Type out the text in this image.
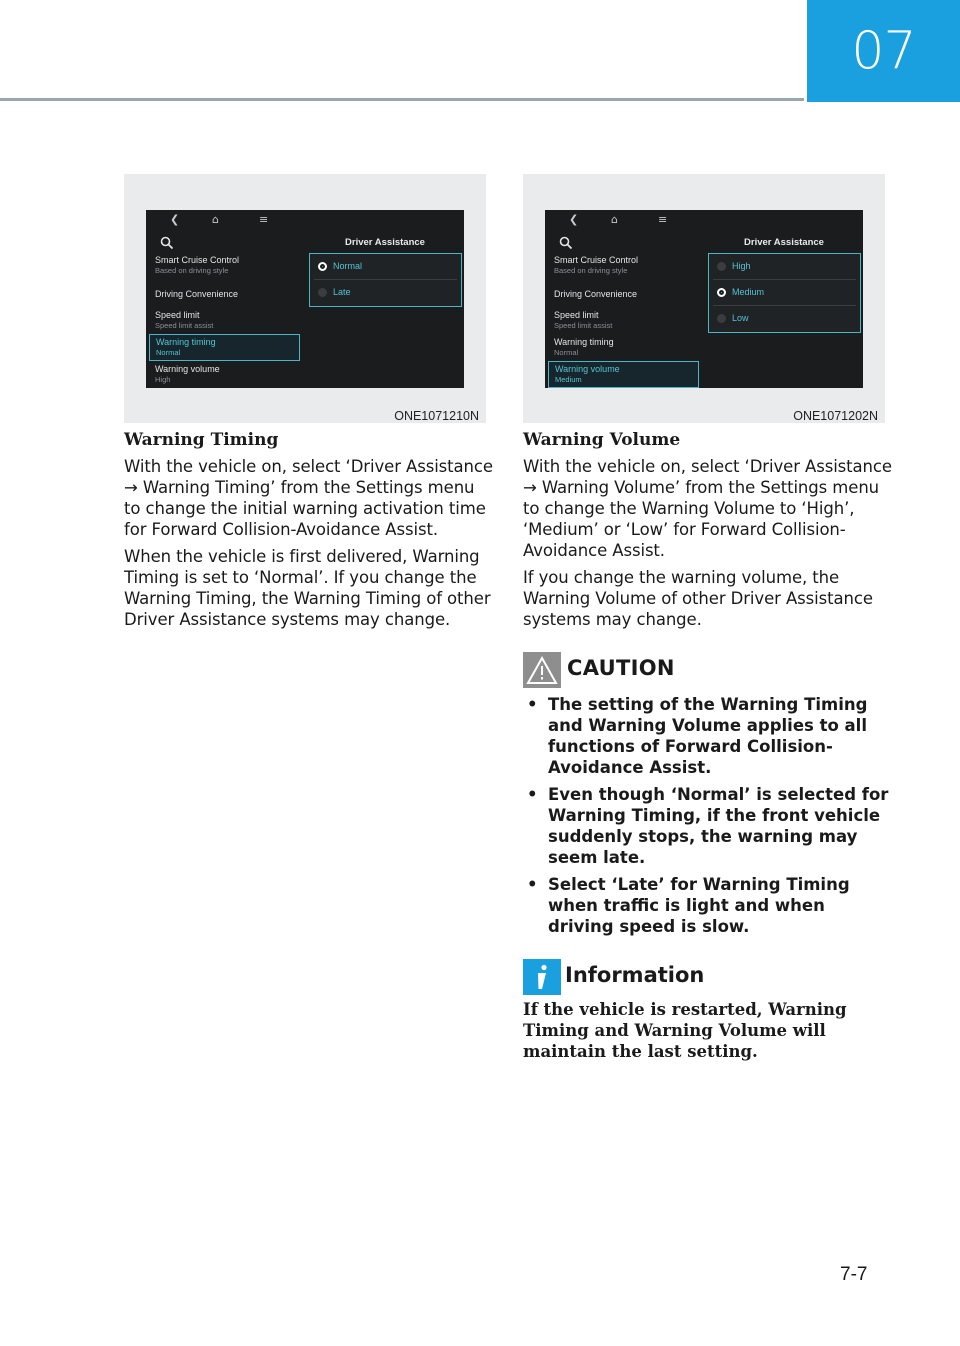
07
❮	⌂	≡
Smart Cruise Control
Based on driving style
Driving Convenience
Speed limit
Speed limit assist
Warning timing
Normal
Warning volume
High
Driver Assistance
Normal
Late
ONE1071210N
❮	⌂	≡
Smart Cruise Control
Based on driving style
Driving Convenience
Speed limit
Speed limit assist
Warning timing
Normal
Warning volume
Medium
Driver Assistance
High
Medium
Low
ONE1071202N
Warning Timing

With the vehicle on, select ‘Driver Assistance → Warning Timing’ from the Settings menu to change the initial warning activation time for Forward Collision-Avoidance Assist.

When the vehicle is first delivered, Warning Timing is set to ‘Normal’. If you change the Warning Timing, the Warning Timing of other Driver Assistance systems may change.

Warning Volume

With the vehicle on, select ‘Driver Assistance → Warning Volume’ from the Settings menu to change the Warning Volume to ‘High’, ‘Medium’ or ‘Low’ for Forward Collision-Avoidance Assist.

If you change the warning volume, the Warning Volume of other Driver Assistance systems may change.

CAUTION
• The setting of the Warning Timing and Warning Volume applies to all functions of Forward Collision-Avoidance Assist.
• Even though ‘Normal’ is selected for Warning Timing, if the front vehicle suddenly stops, the warning may seem late.
• Select ‘Late’ for Warning Timing when traffic is light and when driving speed is slow.
Information

If the vehicle is restarted, Warning Timing and Warning Volume will maintain the last setting.

7-7
